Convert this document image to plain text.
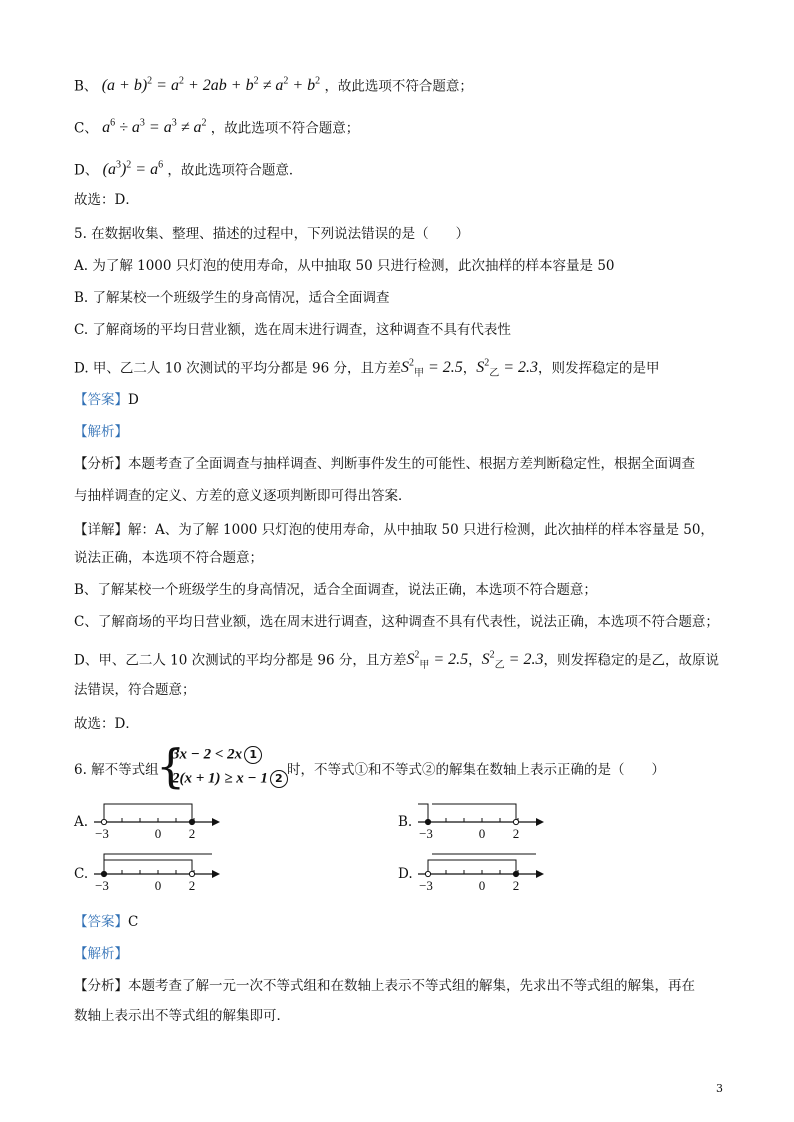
B、 $(a + b)^2 = a^2 + 2ab + b^2 \ne a^2 + b^2$ ，故此选项不符合题意；
C、 $a^6 \div a^3 = a^3 \ne a^2$ ，故此选项不符合题意；
D、 $(a^3)^2 = a^6$ ，故此选项符合题意．
故选：D．
5. 在数据收集、整理、描述的过程中，下列说法错误的是（　　）
A. 为了解 1000 只灯泡的使用寿命，从中抽取 50 只进行检测，此次抽样的样本容量是 50
B. 了解某校一个班级学生的身高情况，适合全面调查
C. 了解商场的平均日营业额，选在周末进行调查，这种调查不具有代表性
D. 甲、乙二人 10 次测试的平均分都是 96 分，且方差$S^2_甲 = 2.5$，$S^2_乙 = 2.3$，则发挥稳定的是甲
【答案】D
【解析】
【分析】本题考查了全面调查与抽样调查、判断事件发生的可能性、根据方差判断稳定性，根据全面调查
与抽样调查的定义、方差的意义逐项判断即可得出答案．
【详解】解：A、为了解 1000 只灯泡的使用寿命，从中抽取 50 只进行检测，此次抽样的样本容量是 50，
说法正确，本选项不符合题意；
B、了解某校一个班级学生的身高情况，适合全面调查，说法正确，本选项不符合题意；
C、了解商场的平均日营业额，选在周末进行调查，这种调查不具有代表性，说法正确，本选项不符合题意；
D、甲、乙二人 10 次测试的平均分都是 96 分，且方差$S^2_甲 = 2.5$，$S^2_乙 = 2.3$，则发挥稳定的是乙，故原说
法错误，符合题意；
故选：D．
6. 解不等式组
{
3x − 2 < 2x 1
2(x + 1) ≥ x − 1 2
时，不等式①和不等式②的解集在数轴上表示正确的是（　　）
A.
−3	0 2
B.
−3	0 2
C.
−3	0 2
D.
−3	0 2
【答案】C
【解析】
【分析】本题考查了解一元一次不等式组和在数轴上表示不等式组的解集，先求出不等式组的解集，再在
数轴上表示出不等式组的解集即可．
3
